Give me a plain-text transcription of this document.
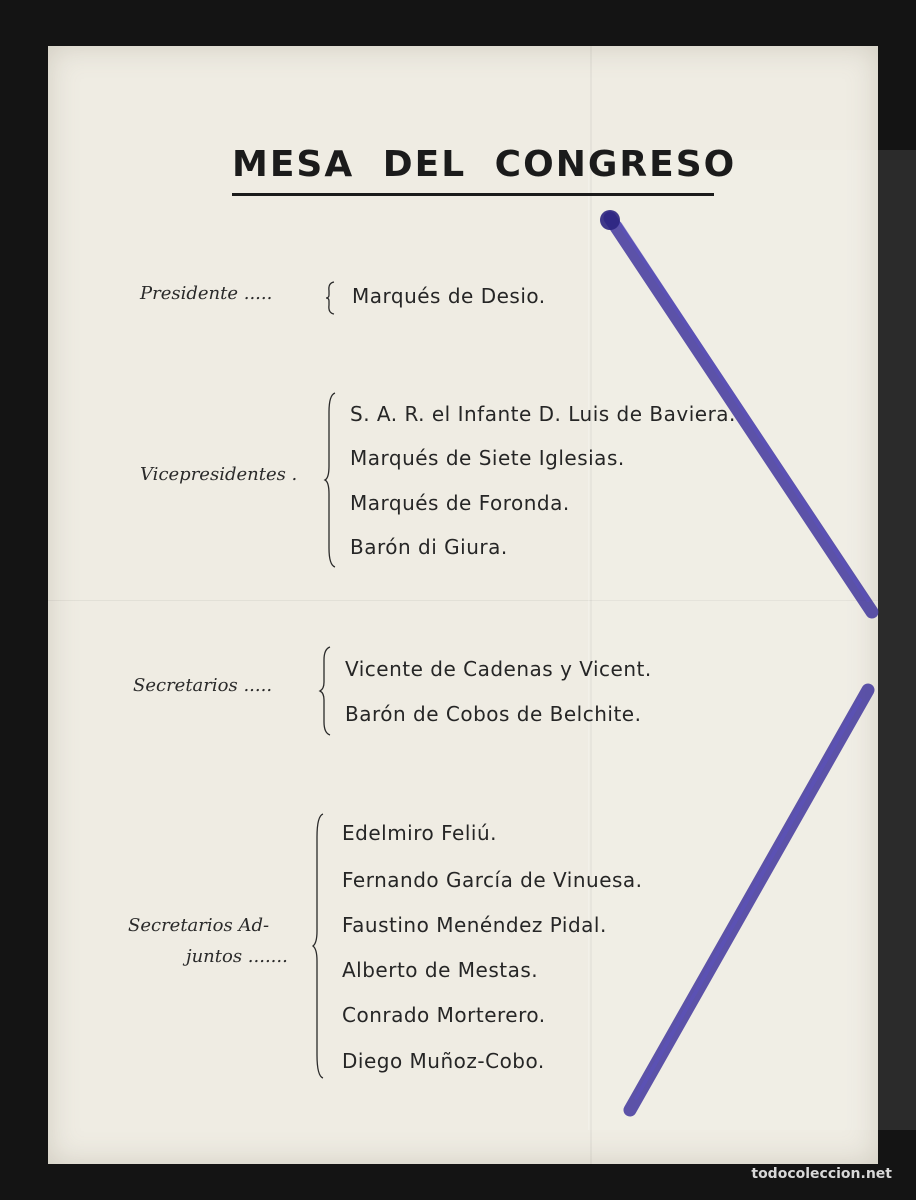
MESA DEL CONGRESO
Presidente .....	Marqués de Desio.
Vicepresidentes .
S. A. R. el Infante D. Luis de Baviera.
Marqués de Siete Iglesias.
Marqués de Foronda.
Barón di Giura.
Secretarios .....
Vicente de Cadenas y Vicent.
Barón de Cobos de Belchite.
Secretarios Ad-
juntos .......
Edelmiro Feliú.
Fernando García de Vinuesa.
Faustino Menéndez Pidal.
Alberto de Mestas.
Conrado Morterero.
Diego Muñoz-Cobo.
todocoleccion.net
